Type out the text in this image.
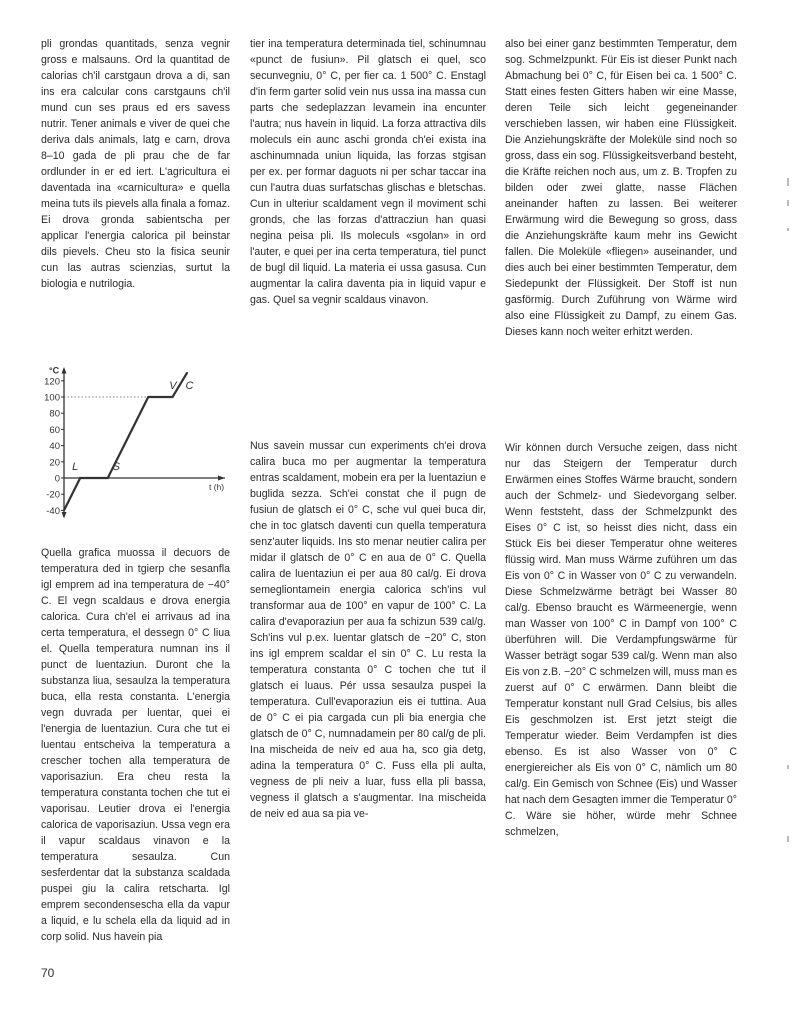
pli grondas quantitads, senza vegnir gross e malsauns. Ord la quantitad de calorias ch'il carstgaun drova a di, san ins era calcular cons carstgauns ch'il mund cun ses praus ed ers savess nutrir. Tener animals e viver de quei che deriva dals animals, latg e carn, drova 8–10 gada de pli prau che de far ordlunder in er ed iert. L'agricultura ei daventada ina «carnicultura» e quella meina tuts ils pievels alla finala a fomaz. Ei drova gronda sabientscha per applicar l'energia calorica pil beinstar dils pievels. Cheu sto la fisica seunir cun las autras scienzias, surtut la biologia e nutrilogia.

-40
-20
0
20
40
60
80
100
120
°C
t (h)
L	S
V C

Quella grafica muossa il decuors de temperatura ded in tgierp che sesanfla igl emprem ad ina temperatura de −40° C. El vegn scaldaus e drova energia calorica. Cura ch'el ei arrivaus ad ina certa temperatura, el dessegn 0° C liua el. Quella temperatura numnan ins il punct de luentaziun. Duront che la substanza liua, sesaulza la temperatura buca, ella resta constanta. L'energia vegn duvrada per luentar, quei ei l'energia de luentaziun. Cura che tut ei luentau entscheiva la temperatura a crescher tochen alla temperatura de vaporisaziun. Era cheu resta la temperatura constanta tochen che tut ei vaporisau. Leutier drova ei l'energia calorica de vaporisaziun. Ussa vegn era il vapur scaldaus vinavon e la temperatura sesaulza. Cun sesferdentar dat la substanza scaldada puspei giu la calira retscharta. Igl emprem secondensescha ella da vapur a liquid, e lu schela ella da liquid ad in corp solid. Nus havein pia

tier ina temperatura determinada tiel, schinumnau «punct de fusiun». Pil glatsch ei quel, sco secunvegniu, 0° C, per fier ca. 1 500° C. Enstagl d'in ferm garter solid vein nus ussa ina massa cun parts che sedeplazzan levamein ina encunter l'autra; nus havein in liquid. La forza attractiva dils moleculs ein aunc aschi gronda ch'ei exista ina aschinumnada uniun liquida, las forzas stgisan per ex. per formar daguots ni per schar taccar ina cun l'autra duas surfatschas glischas e bletschas. Cun in ulteriur scaldament vegn il moviment schi gronds, che las forzas d'attracziun han quasi negina peisa pli. Ils moleculs «sgolan» in ord l'auter, e quei per ina certa temperatura, tiel punct de bugl dil liquid. La materia ei ussa gasusa. Cun augmentar la calira daventa pia in liquid vapur e gas. Quel sa vegnir scaldaus vinavon.

Nus savein mussar cun experiments ch'ei drova calira buca mo per augmentar la temperatura entras scaldament, mobein era per la luentaziun e buglida sezza. Sch'ei constat che il pugn de fusiun de glatsch ei 0° C, sche vul quei buca dir, che in toc glatsch daventi cun quella temperatura senz'auter liquids. Ins sto menar neutier calira per midar il glatsch de 0° C en aua de 0° C. Quella calira de luentaziun ei per aua 80 cal/g. Ei drova semegliontamein energia calorica sch'ins vul transformar aua de 100° en vapur de 100° C. La calira d'evaporaziun per aua fa schizun 539 cal/g. Sch'ins vul p.ex. luentar glatsch de −20° C, ston ins igl emprem scaldar el sin 0° C. Lu resta la temperatura constanta 0° C tochen che tut il glatsch ei luaus. Pér ussa sesaulza puspei la temperatura. Cull'evaporaziun eis ei tuttina. Aua de 0° C ei pia cargada cun pli bia energia che glatsch de 0° C, numnadamein per 80 cal/g de pli. Ina mischeida de neiv ed aua ha, sco gia detg, adina la temperatura 0° C. Fuss ella pli aulta, vegness de pli neiv a luar, fuss ella pli bassa, vegness il glatsch a s'augmentar. Ina mischeida de neiv ed aua sa pia ve-

also bei einer ganz bestimmten Temperatur, dem sog. Schmelzpunkt. Für Eis ist dieser Punkt nach Abmachung bei 0° C, für Eisen bei ca. 1 500° C. Statt eines festen Gitters haben wir eine Masse, deren Teile sich leicht gegeneinander verschieben lassen, wir haben eine Flüssigkeit. Die Anziehungskräfte der Moleküle sind noch so gross, dass ein sog. Flüssigkeitsverband besteht, die Kräfte reichen noch aus, um z. B. Tropfen zu bilden oder zwei glatte, nasse Flächen aneinander haften zu lassen. Bei weiterer Erwärmung wird die Bewegung so gross, dass die Anziehungskräfte kaum mehr ins Gewicht fallen. Die Moleküle «fliegen» auseinander, und dies auch bei einer bestimmten Temperatur, dem Siedepunkt der Flüssigkeit. Der Stoff ist nun gasförmig. Durch Zuführung von Wärme wird also eine Flüssigkeit zu Dampf, zu einem Gas. Dieses kann noch weiter erhitzt werden.

Wir können durch Versuche zeigen, dass nicht nur das Steigern der Temperatur durch Erwärmen eines Stoffes Wärme braucht, sondern auch der Schmelz- und Siedevorgang selber. Wenn feststeht, dass der Schmelzpunkt des Eises 0° C ist, so heisst dies nicht, dass ein Stück Eis bei dieser Temperatur ohne weiteres flüssig wird. Man muss Wärme zuführen um das Eis von 0° C in Wasser von 0° C zu verwandeln. Diese Schmelzwärme beträgt bei Wasser 80 cal/g. Ebenso braucht es Wärmeenergie, wenn man Wasser von 100° C in Dampf von 100° C überführen will. Die Verdampfungswärme für Wasser beträgt sogar 539 cal/g. Wenn man also Eis von z.B. −20° C schmelzen will, muss man es zuerst auf 0° C erwärmen. Dann bleibt die Temperatur konstant null Grad Celsius, bis alles Eis geschmolzen ist. Erst jetzt steigt die Temperatur wieder. Beim Verdampfen ist dies ebenso. Es ist also Wasser von 0° C energiereicher als Eis von 0° C, nämlich um 80 cal/g. Ein Gemisch von Schnee (Eis) und Wasser hat nach dem Gesagten immer die Temperatur 0° C. Wäre sie höher, würde mehr Schnee schmelzen,

70
